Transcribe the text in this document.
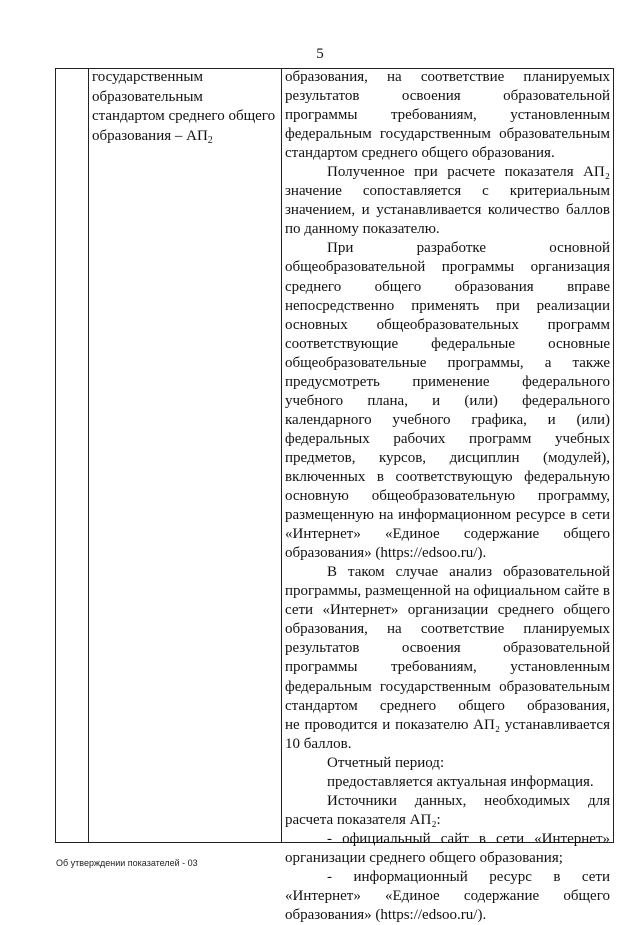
5
государственным
образовательным
стандартом среднего общего
образования – $АП_2$
образования, на соответствие планируемых
результатов освоения образовательной
программы требованиям, установленным
федеральным государственным образовательным
стандартом среднего общего образования.
Полученное при расчете показателя АП₂
значение сопоставляется с критериальным
значением, и устанавливается количество баллов
по данному показателю.
При разработке основной
общеобразовательной программы организация
среднего общего образования вправе
непосредственно применять при реализации
основных общеобразовательных программ
соответствующие федеральные основные
общеобразовательные программы, а также
предусмотреть применение федерального
учебного плана, и (или) федерального
календарного учебного графика, и (или)
федеральных рабочих программ учебных
предметов, курсов, дисциплин (модулей),
включенных в соответствующую федеральную
основную общеобразовательную программу,
размещенную на информационном ресурсе в сети
«Интернет» «Единое содержание общего
образования» (https://edsoo.ru/).
В таком случае анализ образовательной
программы, размещенной на официальном сайте в
сети «Интернет» организации среднего общего
образования, на соответствие планируемых
результатов освоения образовательной
программы требованиям, установленным
федеральным государственным образовательным
стандартом среднего общего образования,
не проводится и показателю АП₂ устанавливается
10 баллов.
Отчетный период:
предоставляется актуальная информация.
Источники данных, необходимых для
расчета показателя АП₂:
- официальный сайт в сети «Интернет»
организации среднего общего образования;
- информационный ресурс в сети
«Интернет» «Единое содержание общего
образования» (https://edsoo.ru/).
Об утверждении показателей - 03
